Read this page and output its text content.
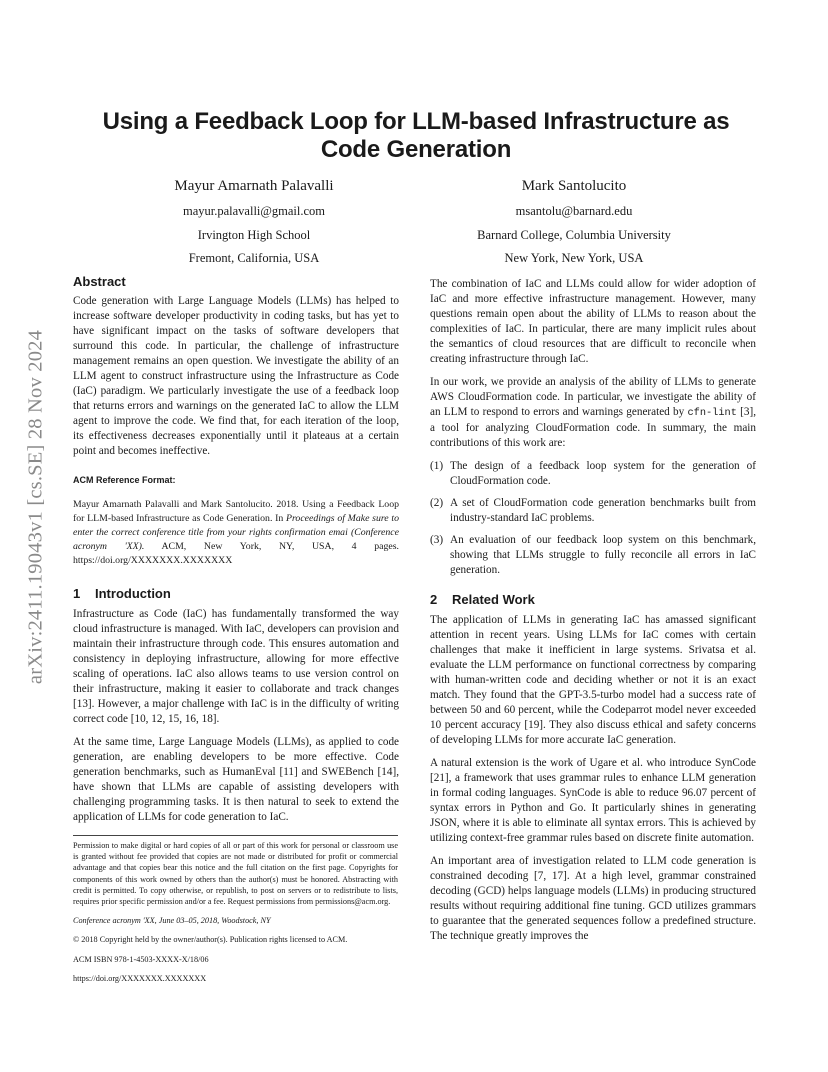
arXiv:2411.19043v1 [cs.SE] 28 Nov 2024
Using a Feedback Loop for LLM-based Infrastructure as Code Generation
Mayur Amarnath Palavalli
mayur.palavalli@gmail.com
Irvington High School
Fremont, California, USA
Mark Santolucito
msantolu@barnard.edu
Barnard College, Columbia University
New York, New York, USA
Abstract

Code generation with Large Language Models (LLMs) has helped to increase software developer productivity in coding tasks, but has yet to have significant impact on the tasks of software developers that surround this code. In particular, the challenge of infrastructure management remains an open question. We investigate the ability of an LLM agent to construct infrastructure using the Infrastructure as Code (IaC) paradigm. We particularly investigate the use of a feedback loop that returns errors and warnings on the generated IaC to allow the LLM agent to improve the code. We find that, for each iteration of the loop, its effectiveness decreases exponentially until it plateaus at a certain point and becomes ineffective.

ACM Reference Format:

Mayur Amarnath Palavalli and Mark Santolucito. 2018. Using a Feedback Loop for LLM-based Infrastructure as Code Generation. In Proceedings of Make sure to enter the correct conference title from your rights confirmation emai (Conference acronym 'XX). ACM, New York, NY, USA, 4 pages. https://doi.org/XXXXXXX.XXXXXXX

1 Introduction

Infrastructure as Code (IaC) has fundamentally transformed the way cloud infrastructure is managed. With IaC, developers can provision and maintain their infrastructure through code. This ensures automation and consistency in deploying infrastructure, allowing for more effective scaling of operations. IaC also allows teams to use version control on their infrastructure, making it easier to collaborate and track changes [13]. However, a major challenge with IaC is in the difficulty of writing correct code [10, 12, 15, 16, 18].

At the same time, Large Language Models (LLMs), as applied to code generation, are enabling developers to be more effective. Code generation benchmarks, such as HumanEval [11] and SWEBench [14], have shown that LLMs are capable of assisting developers with challenging programming tasks. It is then natural to seek to extend the application of LLMs for code generation to IaC.

Permission to make digital or hard copies of all or part of this work for personal or classroom use is granted without fee provided that copies are not made or distributed for profit or commercial advantage and that copies bear this notice and the full citation on the first page. Copyrights for components of this work owned by others than the author(s) must be honored. Abstracting with credit is permitted. To copy otherwise, or republish, to post on servers or to redistribute to lists, requires prior specific permission and/or a fee. Request permissions from permissions@acm.org.

Conference acronym 'XX, June 03–05, 2018, Woodstock, NY

© 2018 Copyright held by the owner/author(s). Publication rights licensed to ACM.

ACM ISBN 978-1-4503-XXXX-X/18/06

https://doi.org/XXXXXXX.XXXXXXX

The combination of IaC and LLMs could allow for wider adoption of IaC and more effective infrastructure management. However, many questions remain open about the ability of LLMs to reason about the complexities of IaC. In particular, there are many implicit rules about the semantics of cloud resources that are difficult to reconcile when creating infrastructure through IaC.

In our work, we provide an analysis of the ability of LLMs to generate AWS CloudFormation code. In particular, we investigate the ability of an LLM to respond to errors and warnings generated by cfn-lint [3], a tool for analyzing CloudFormation code. In summary, the main contributions of this work are:

(1) The design of a feedback loop system for the generation of CloudFormation code.
(2) A set of CloudFormation code generation benchmarks built from industry-standard IaC problems.
(3) An evaluation of our feedback loop system on this benchmark, showing that LLMs struggle to fully reconcile all errors in IaC generation.
2 Related Work

The application of LLMs in generating IaC has amassed significant attention in recent years. Using LLMs for IaC comes with certain challenges that make it inefficient in large systems. Srivatsa et al. evaluate the LLM performance on functional correctness by comparing with human-written code and deciding whether or not it is an exact match. They found that the GPT-3.5-turbo model had a success rate of between 50 and 60 percent, while the Codeparrot model never exceeded 10 percent accuracy [19]. They also discuss ethical and safety concerns of developing LLMs for more accurate IaC generation.

A natural extension is the work of Ugare et al. who introduce SynCode [21], a framework that uses grammar rules to enhance LLM generation in formal coding languages. SynCode is able to reduce 96.07 percent of syntax errors in Python and Go. It particularly shines in generating JSON, where it is able to eliminate all syntax errors. This is achieved by utilizing context-free grammar rules based on discrete finite automation.

An important area of investigation related to LLM code generation is constrained decoding [7, 17]. At a high level, grammar constrained decoding (GCD) helps language models (LLMs) in producing structured results without requiring additional fine tuning. GCD utilizes grammars to guarantee that the generated sequences follow a predefined structure. The technique greatly improves the
